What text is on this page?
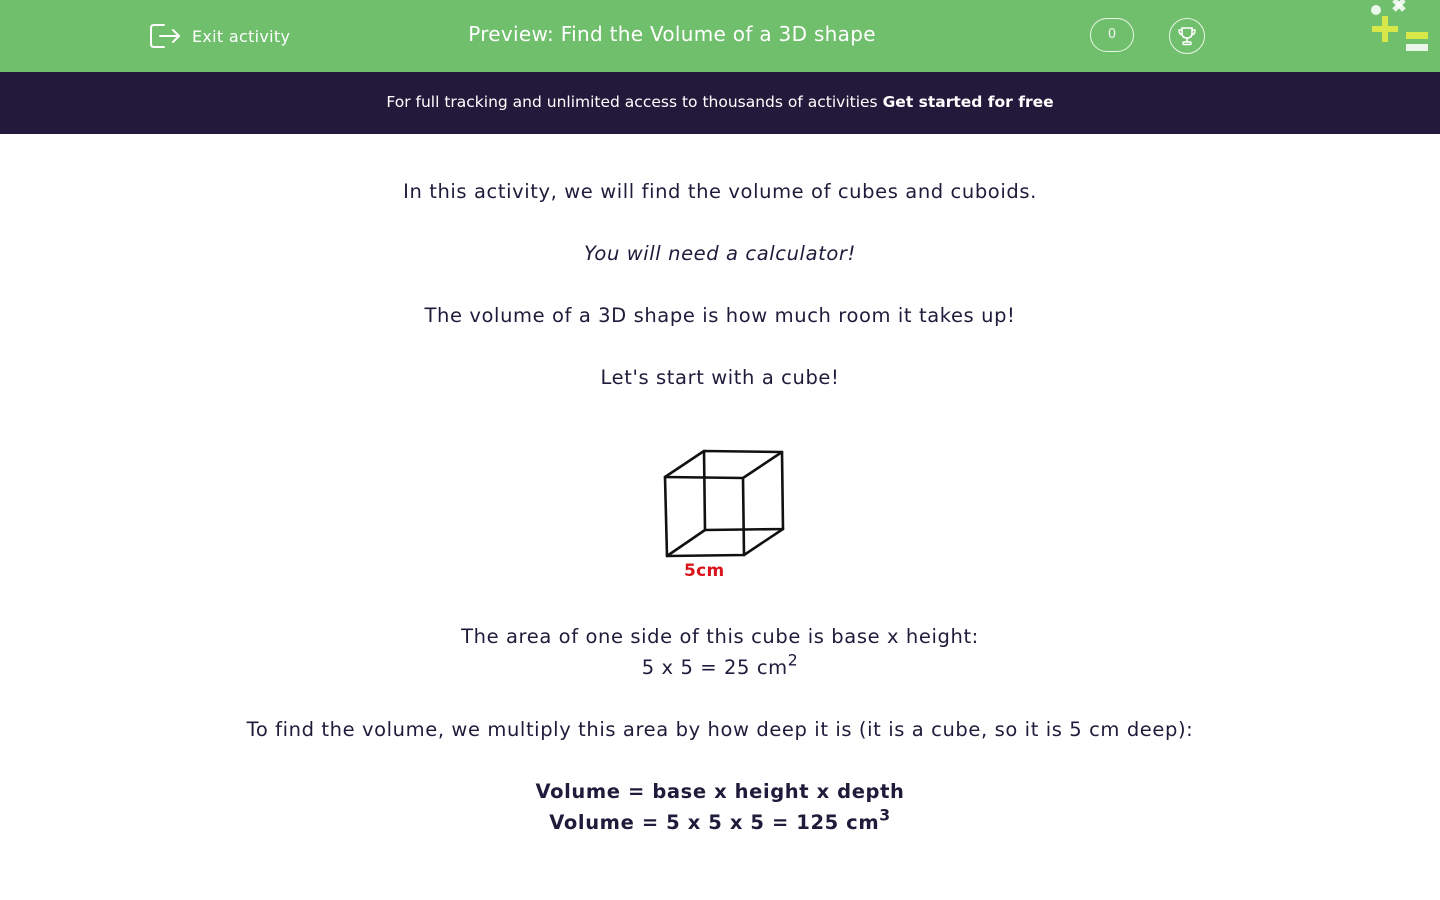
Exit activity	Preview: Find the Volume of a 3D shape	0
For full tracking and unlimited access to thousands of activities Get started for free
In this activity, we will find the volume of cubes and cuboids.
You will need a calculator!
The volume of a 3D shape is how much room it takes up!
Let's start with a cube!
5cm
The area of one side of this cube is base x height:
5 x 5 = 25 $cm^2$
To find the volume, we multiply this area by how deep it is (it is a cube, so it is 5 cm deep):
Volume = base x height x depth
Volume = 5 x 5 x 5 = 125 $cm^3$
